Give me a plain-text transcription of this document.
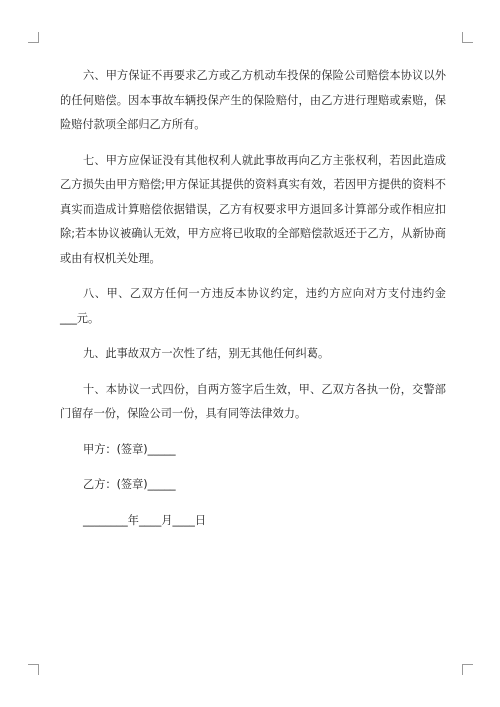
六、甲方保证不再要求乙方或乙方机动车投保的保险公司赔偿本协议以外的任何赔偿。因本事故车辆投保产生的保险赔付，由乙方进行理赔或索赔，保险赔付款项全部归乙方所有。

七、甲方应保证没有其他权利人就此事故再向乙方主张权利，若因此造成乙方损失由甲方赔偿;甲方保证其提供的资料真实有效，若因甲方提供的资料不真实而造成计算赔偿依据错误，乙方有权要求甲方退回多计算部分或作相应扣除;若本协议被确认无效，甲方应将已收取的全部赔偿款返还于乙方，从新协商或由有权机关处理。

八、甲、乙双方任何一方违反本协议约定，违约方应向对方支付违约金___元。

九、此事故双方一次性了结，别无其他任何纠葛。

十、本协议一式四份，自两方签字后生效，甲、乙双方各执一份，交警部门留存一份，保险公司一份，具有同等法律效力。

甲方：(签章)_____

乙方：(签章)_____

________年____月____日
